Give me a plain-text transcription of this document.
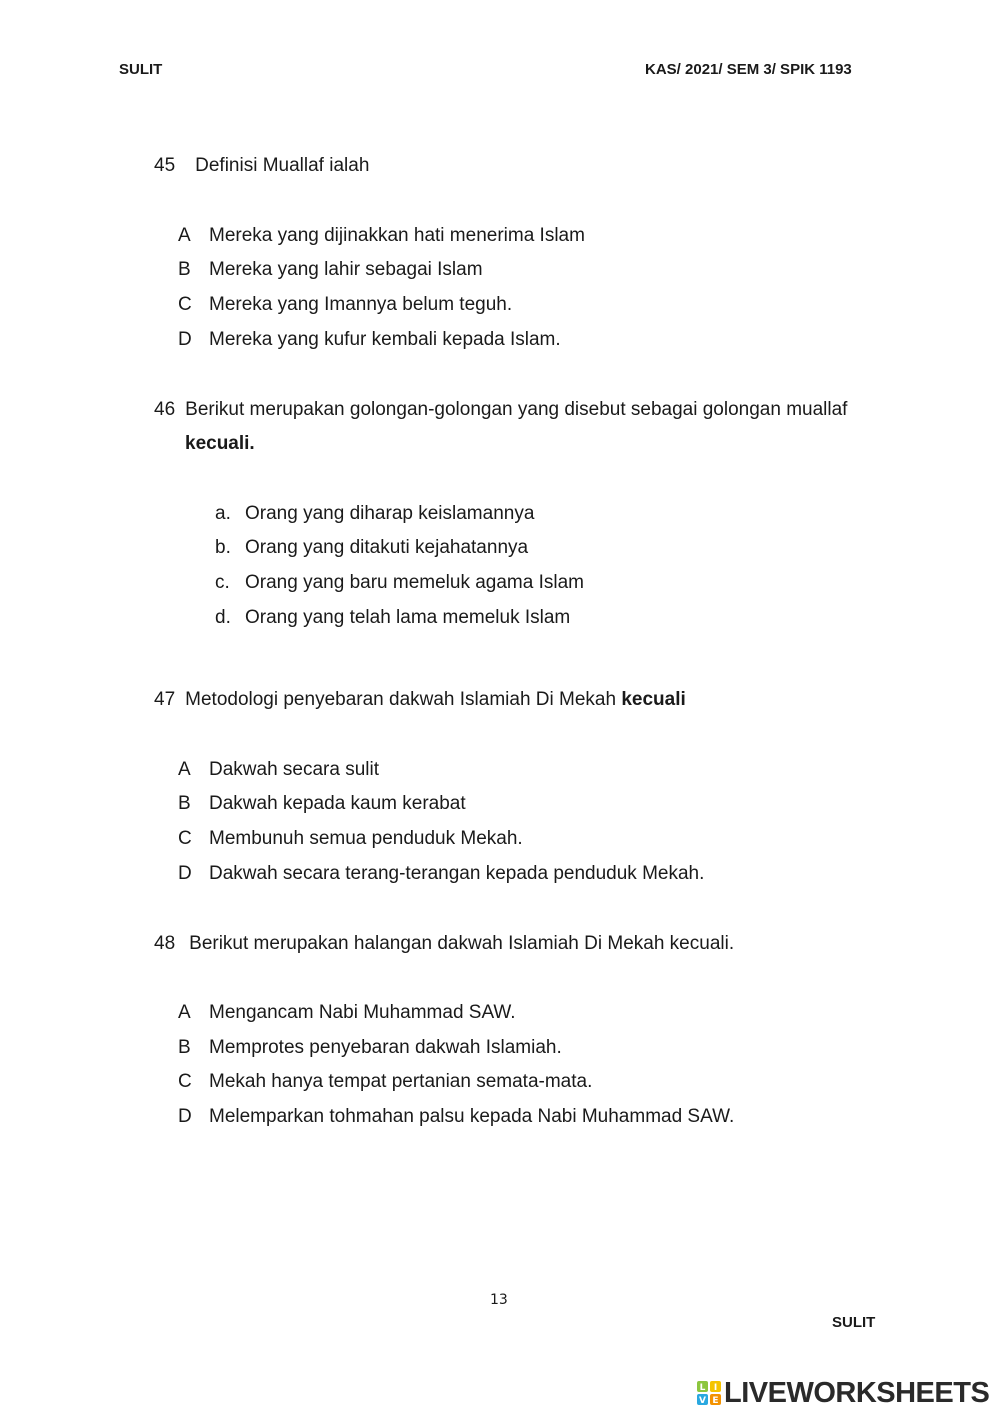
SULIT	KAS/ 2021/ SEM 3/ SPIK 1193
45 Definisi Muallaf ialah
A Mereka yang dijinakkan hati menerima Islam
B Mereka yang lahir sebagai Islam
C Mereka yang Imannya belum teguh.
D Mereka yang kufur kembali kepada Islam.
46 Berikut merupakan golongan-golongan yang disebut sebagai golongan muallaf
kecuali.
a. Orang yang diharap keislamannya
b. Orang yang ditakuti kejahatannya
c. Orang yang baru memeluk agama Islam
d. Orang yang telah lama memeluk Islam
47 Metodologi penyebaran dakwah Islamiah Di Mekah kecuali
A Dakwah secara sulit
B Dakwah kepada kaum kerabat
C Membunuh semua penduduk Mekah.
D Dakwah secara terang-terangan kepada penduduk Mekah.
48 Berikut merupakan halangan dakwah Islamiah Di Mekah kecuali.
A Mengancam Nabi Muhammad SAW.
B Memprotes penyebaran dakwah Islamiah.
C Mekah hanya tempat pertanian semata-mata.
D Melemparkan tohmahan palsu kepada Nabi Muhammad SAW.
13
SULIT
L I
V E LIVEWORKSHEETS
